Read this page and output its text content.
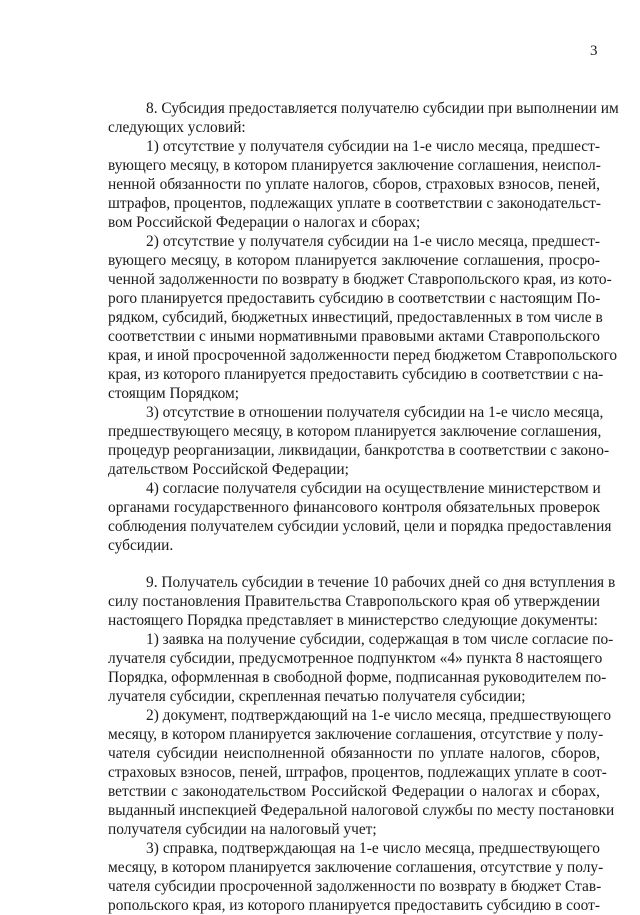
3
8. Субсидия предоставляется получателю субсидии при выполнении им
следующих условий:
1) отсутствие у получателя субсидии на 1-е число месяца, предшест-
вующего месяцу, в котором планируется заключение соглашения, неиспол-
ненной обязанности по уплате налогов, сборов, страховых взносов, пеней,
штрафов, процентов, подлежащих уплате в соответствии с законодательст-
вом Российской Федерации о налогах и сборах;
2) отсутствие у получателя субсидии на 1-е число месяца, предшест-
вующего месяцу, в котором планируется заключение соглашения, просро-
ченной задолженности по возврату в бюджет Ставропольского края, из кото-
рого планируется предоставить субсидию в соответствии с настоящим По-
рядком, субсидий, бюджетных инвестиций, предоставленных в том числе в
соответствии с иными нормативными правовыми актами Ставропольского
края, и иной просроченной задолженности перед бюджетом Ставропольского
края, из которого планируется предоставить субсидию в соответствии с на-
стоящим Порядком;
3) отсутствие в отношении получателя субсидии на 1-е число месяца,
предшествующего месяцу, в котором планируется заключение соглашения,
процедур реорганизации, ликвидации, банкротства в соответствии с законо-
дательством Российской Федерации;
4) согласие получателя субсидии на осуществление министерством и
органами государственного финансового контроля обязательных проверок
соблюдения получателем субсидии условий, цели и порядка предоставления
субсидии.
9. Получатель субсидии в течение 10 рабочих дней со дня вступления в
силу постановления Правительства Ставропольского края об утверждении
настоящего Порядка представляет в министерство следующие документы:
1) заявка на получение субсидии, содержащая в том числе согласие по-
лучателя субсидии, предусмотренное подпунктом «4» пункта 8 настоящего
Порядка, оформленная в свободной форме, подписанная руководителем по-
лучателя субсидии, скрепленная печатью получателя субсидии;
2) документ, подтверждающий на 1-е число месяца, предшествующего
месяцу, в котором планируется заключение соглашения, отсутствие у полу-
чателя субсидии неисполненной обязанности по уплате налогов, сборов,
страховых взносов, пеней, штрафов, процентов, подлежащих уплате в соот-
ветствии с законодательством Российской Федерации о налогах и сборах,
выданный инспекцией Федеральной налоговой службы по месту постановки
получателя субсидии на налоговый учет;
3) справка, подтверждающая на 1-е число месяца, предшествующего
месяцу, в котором планируется заключение соглашения, отсутствие у полу-
чателя субсидии просроченной задолженности по возврату в бюджет Став-
ропольского края, из которого планируется предоставить субсидию в соот-
